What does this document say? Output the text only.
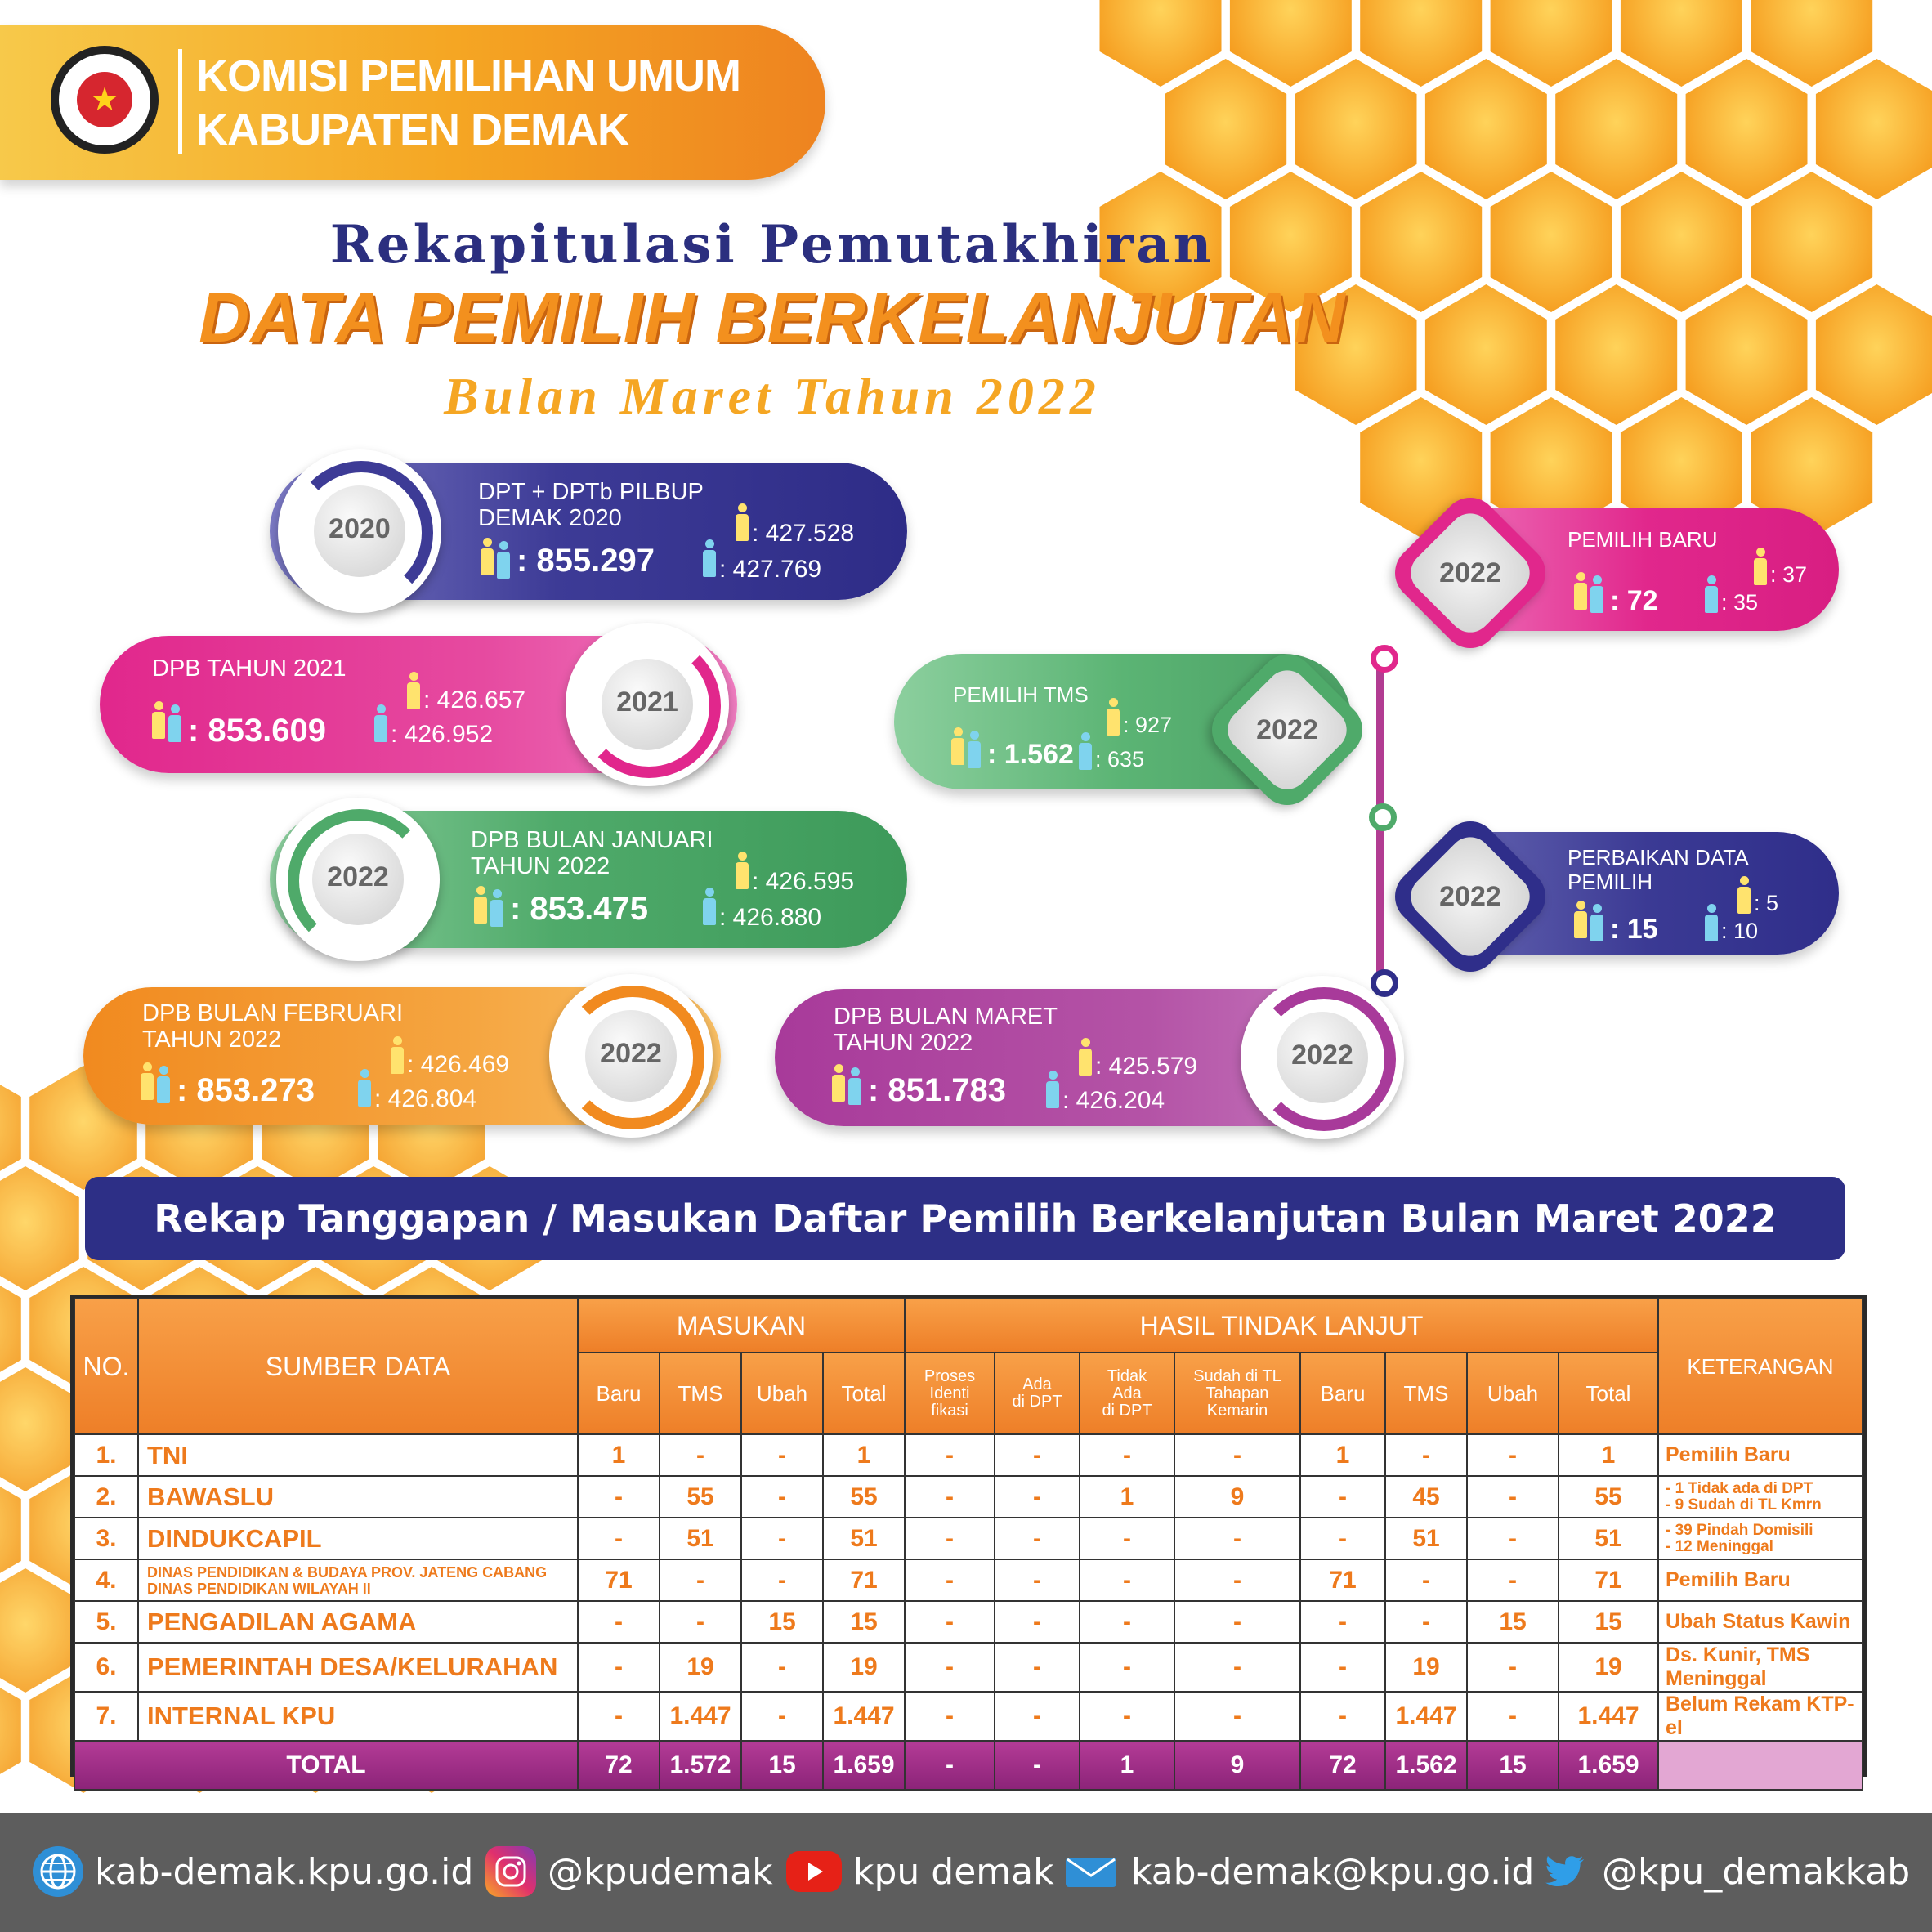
★ KOMISI PEMILIHAN UMUM
KABUPATEN DEMAK
Rekapitulasi Pemutakhiran
DATA PEMILIH BERKELANJUTAN
Bulan Maret Tahun 2022
DPT + DPTb PILBUP
DEMAK 2020
: 855.297
: 427.528
: 427.769
2020
DPB TAHUN 2021
: 853.609
: 426.657
: 426.952
2021
DPB BULAN JANUARI
TAHUN 2022
: 853.475
: 426.595
: 426.880
2022
DPB BULAN FEBRUARI
TAHUN 2022
: 853.273
: 426.469
: 426.804
2022
DPB BULAN MARET
TAHUN 2022
: 851.783
: 425.579
: 426.204
2022
PEMILIH TMS
: 1.562
: 927
: 635
2022
PEMILIH BARU
: 72
: 37
: 35
2022
PERBAIKAN DATA
PEMILIH
: 15
: 5
: 10
2022
Rekap Tanggapan / Masukan Daftar Pemilih Berkelanjutan Bulan Maret 2022
NO.	SUMBER DATA	MASUKAN				HASIL TINDAK LANJUT								KETERANGAN
		Baru	TMS	Ubah	Total	Proses
Identi
fikasi	Ada
di DPT	Tidak
Ada
di DPT	Sudah di TL
Tahapan
Kemarin	Baru	TMS	Ubah	Total	
1.	TNI	1	-	-	1	-	-	-	-	1	-	-	1	Pemilih Baru
2.	BAWASLU	-	55	-	55	-	-	1	9	-	45	-	55	- 1 Tidak ada di DPT
- 9 Sudah di TL Kmrn
3.	DINDUKCAPIL	-	51	-	51	-	-	-	-	-	51	-	51	- 39 Pindah Domisili
- 12 Meninggal
4.	DINAS PENDIDIKAN & BUDAYA PROV. JATENG CABANG
DINAS PENDIDIKAN WILAYAH II	71	-	-	71	-	-	-	-	71	-	-	71	Pemilih Baru
5.	PENGADILAN AGAMA	-	-	15	15	-	-	-	-	-	-	15	15	Ubah Status Kawin
6.	PEMERINTAH DESA/KELURAHAN	-	19	-	19	-	-	-	-	-	19	-	19	Ds. Kunir, TMS Meninggal
7.	INTERNAL KPU	-	1.447	-	1.447	-	-	-	-	-	1.447	-	1.447	Belum Rekam KTP-el
TOTAL		72	1.572	15	1.659	-	-	1	9	72	1.562	15	1.659	
kab-demak.kpu.go.id @kpudemak kpu demak kab-demak@kpu.go.id @kpu_demakkab
